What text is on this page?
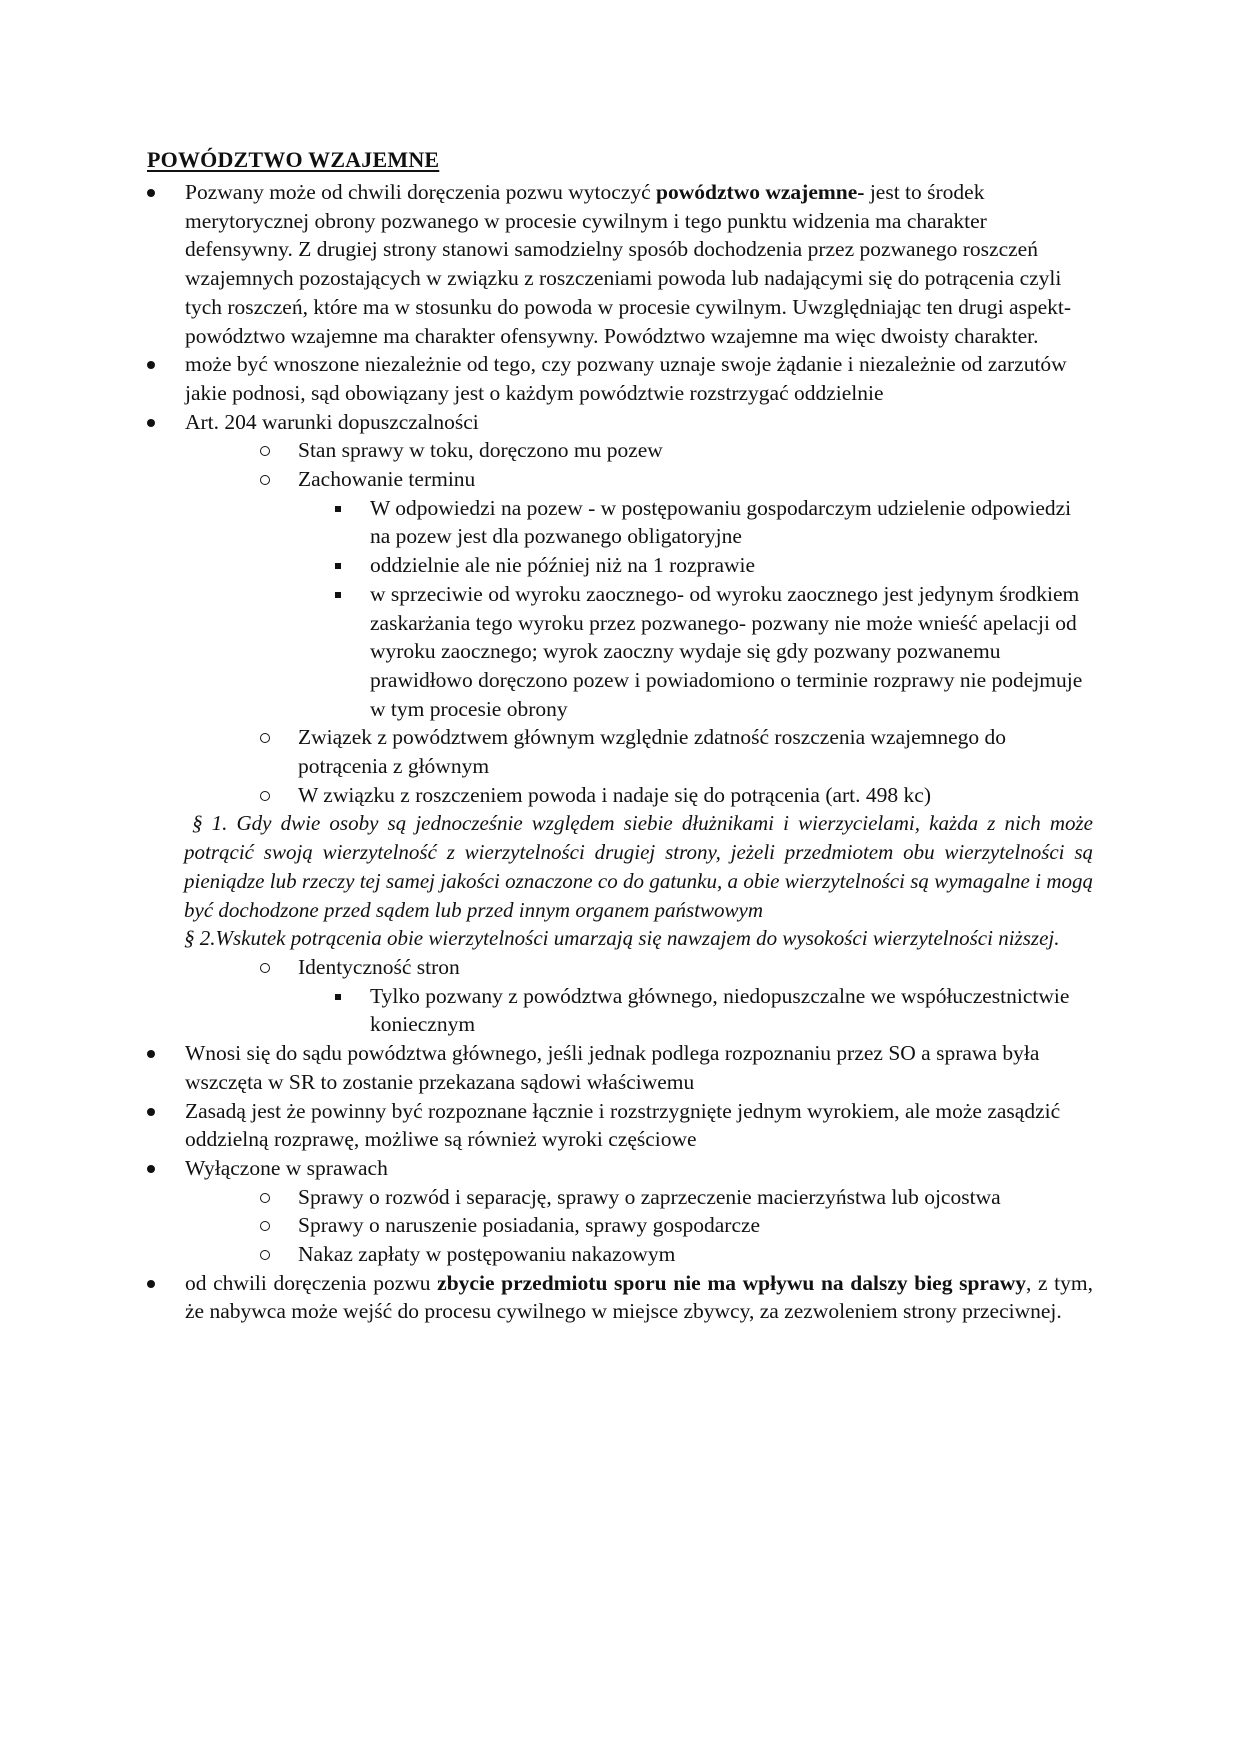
POWÓDZTWO WZAJEMNE
Pozwany może od chwili doręczenia pozwu wytoczyć powództwo wzajemne- jest to środek merytorycznej obrony pozwanego w procesie cywilnym i tego punktu widzenia ma charakter defensywny. Z drugiej strony stanowi samodzielny sposób dochodzenia przez pozwanego roszczeń wzajemnych pozostających w związku z roszczeniami powoda lub nadającymi się do potrącenia czyli tych roszczeń, które ma w stosunku do powoda w procesie cywilnym. Uwzględniając ten drugi aspekt- powództwo wzajemne ma charakter ofensywny. Powództwo wzajemne ma więc dwoisty charakter.
może być wnoszone niezależnie od tego, czy pozwany uznaje swoje żądanie i niezależnie od zarzutów jakie podnosi, sąd obowiązany jest o każdym powództwie rozstrzygać oddzielnie
Art. 204 warunki dopuszczalności
Stan sprawy w toku, doręczono mu pozew
Zachowanie terminu
W odpowiedzi na pozew - w postępowaniu gospodarczym udzielenie odpowiedzi na pozew jest dla pozwanego obligatoryjne
oddzielnie ale nie później niż na 1 rozprawie
w sprzeciwie od wyroku zaocznego- od wyroku zaocznego jest jedynym środkiem zaskarżania tego wyroku przez pozwanego- pozwany nie może wnieść apelacji od wyroku zaocznego; wyrok zaoczny wydaje się gdy pozwany pozwanemu prawidłowo doręczono pozew i powiadomiono o terminie rozprawy nie podejmuje w tym procesie obrony
Związek z powództwem głównym względnie zdatność roszczenia wzajemnego do potrącenia z głównym
W związku z roszczeniem powoda i nadaje się do potrącenia (art. 498 kc)
§ 1. Gdy dwie osoby są jednocześnie względem siebie dłużnikami i wierzycielami, każda z nich może potrącić swoją wierzytelność z wierzytelności drugiej strony, jeżeli przedmiotem obu wierzytelności są pieniądze lub rzeczy tej samej jakości oznaczone co do gatunku, a obie wierzytelności są wymagalne i mogą być dochodzone przed sądem lub przed innym organem państwowym
§ 2.Wskutek potrącenia obie wierzytelności umarzają się nawzajem do wysokości wierzytelności niższej.
Identyczność stron
Tylko pozwany z powództwa głównego, niedopuszczalne we współuczestnictwie koniecznym
Wnosi się do sądu powództwa głównego, jeśli jednak podlega rozpoznaniu przez SO a sprawa była wszczęta w SR to zostanie przekazana sądowi właściwemu
Zasadą jest że powinny być rozpoznane łącznie i rozstrzygnięte jednym wyrokiem, ale może zasądzić oddzielną rozprawę, możliwe są również wyroki częściowe
Wyłączone w sprawach
Sprawy o rozwód i separację, sprawy o zaprzeczenie macierzyństwa lub ojcostwa
Sprawy o naruszenie posiadania, sprawy gospodarcze
Nakaz zapłaty w postępowaniu nakazowym
od chwili doręczenia pozwu zbycie przedmiotu sporu nie ma wpływu na dalszy bieg sprawy, z tym, że nabywca może wejść do procesu cywilnego w miejsce zbywcy, za zezwoleniem strony przeciwnej.
